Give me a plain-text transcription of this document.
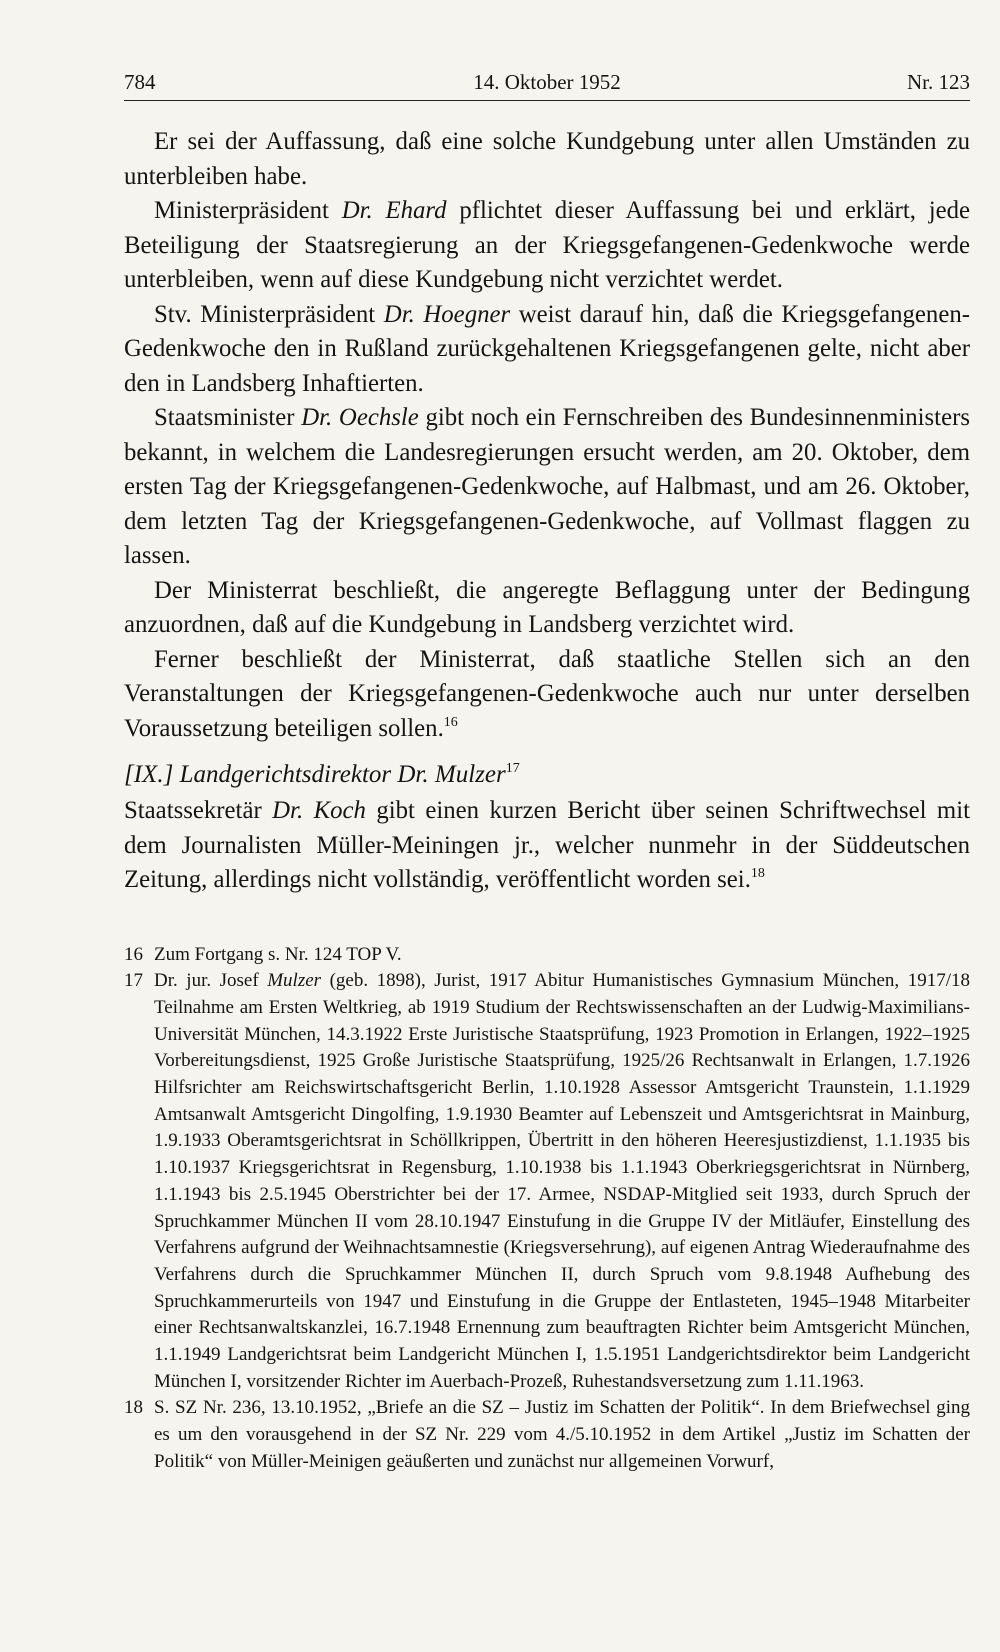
784	14. Oktober 1952	Nr. 123

Er sei der Auffassung, daß eine solche Kundgebung unter allen Umständen zu unterbleiben habe.

Ministerpräsident Dr. Ehard pflichtet dieser Auffassung bei und erklärt, jede Beteiligung der Staatsregierung an der Kriegsgefangenen-Gedenkwoche werde unterbleiben, wenn auf diese Kundgebung nicht verzichtet werdet.

Stv. Ministerpräsident Dr. Hoegner weist darauf hin, daß die Kriegsgefangenen-Gedenkwoche den in Rußland zurückgehaltenen Kriegsgefangenen gelte, nicht aber den in Landsberg Inhaftierten.

Staatsminister Dr. Oechsle gibt noch ein Fernschreiben des Bundesinnenministers bekannt, in welchem die Landesregierungen ersucht werden, am 20. Oktober, dem ersten Tag der Kriegsgefangenen-Gedenkwoche, auf Halbmast, und am 26. Oktober, dem letzten Tag der Kriegsgefangenen-Gedenkwoche, auf Vollmast flaggen zu lassen.

Der Ministerrat beschließt, die angeregte Beflaggung unter der Bedingung anzuordnen, daß auf die Kundgebung in Landsberg verzichtet wird.

Ferner beschließt der Ministerrat, daß staatliche Stellen sich an den Veranstaltungen der Kriegsgefangenen-Gedenkwoche auch nur unter derselben Voraussetzung beteiligen sollen.$^{16}$

[IX.] Landgerichtsdirektor Dr. Mulzer$^{17}$

Staatssekretär Dr. Koch gibt einen kurzen Bericht über seinen Schriftwechsel mit dem Journalisten Müller-Meiningen jr., welcher nunmehr in der Süddeutschen Zeitung, allerdings nicht vollständig, veröffentlicht worden sei.$^{18}$

16 Zum Fortgang s. Nr. 124 TOP V.
17 Dr. jur. Josef Mulzer (geb. 1898), Jurist, 1917 Abitur Humanistisches Gymnasium München, 1917/18 Teilnahme am Ersten Weltkrieg, ab 1919 Studium der Rechtswissenschaften an der Ludwig-Maximilians-Universität München, 14.3.1922 Erste Juristische Staatsprüfung, 1923 Promotion in Erlangen, 1922–1925 Vorbereitungsdienst, 1925 Große Juristische Staatsprüfung, 1925/26 Rechtsanwalt in Erlangen, 1.7.1926 Hilfsrichter am Reichswirtschaftsgericht Berlin, 1.10.1928 Assessor Amtsgericht Traunstein, 1.1.1929 Amtsanwalt Amtsgericht Dingolfing, 1.9.1930 Beamter auf Lebenszeit und Amtsgerichtsrat in Mainburg, 1.9.1933 Oberamtsgerichtsrat in Schöllkrippen, Übertritt in den höheren Heeresjustizdienst, 1.1.1935 bis 1.10.1937 Kriegsgerichtsrat in Regensburg, 1.10.1938 bis 1.1.1943 Oberkriegsgerichtsrat in Nürnberg, 1.1.1943 bis 2.5.1945 Oberstrichter bei der 17. Armee, NSDAP-Mitglied seit 1933, durch Spruch der Spruchkammer München II vom 28.10.1947 Einstufung in die Gruppe IV der Mitläufer, Einstellung des Verfahrens aufgrund der Weihnachtsamnestie (Kriegsversehrung), auf eigenen Antrag Wiederaufnahme des Verfahrens durch die Spruchkammer München II, durch Spruch vom 9.8.1948 Aufhebung des Spruchkammerurteils von 1947 und Einstufung in die Gruppe der Entlasteten, 1945–1948 Mitarbeiter einer Rechtsanwaltskanzlei, 16.7.1948 Ernennung zum beauftragten Richter beim Amtsgericht München, 1.1.1949 Landgerichtsrat beim Landgericht München I, 1.5.1951 Landgerichtsdirektor beim Landgericht München I, vorsitzender Richter im Auerbach-Prozeß, Ruhestandsversetzung zum 1.11.1963.
18 S. SZ Nr. 236, 13.10.1952, „Briefe an die SZ – Justiz im Schatten der Politik“. In dem Briefwechsel ging es um den vorausgehend in der SZ Nr. 229 vom 4./5.10.1952 in dem Artikel „Justiz im Schatten der Politik“ von Müller-Meinigen geäußerten und zunächst nur allgemeinen Vorwurf,
